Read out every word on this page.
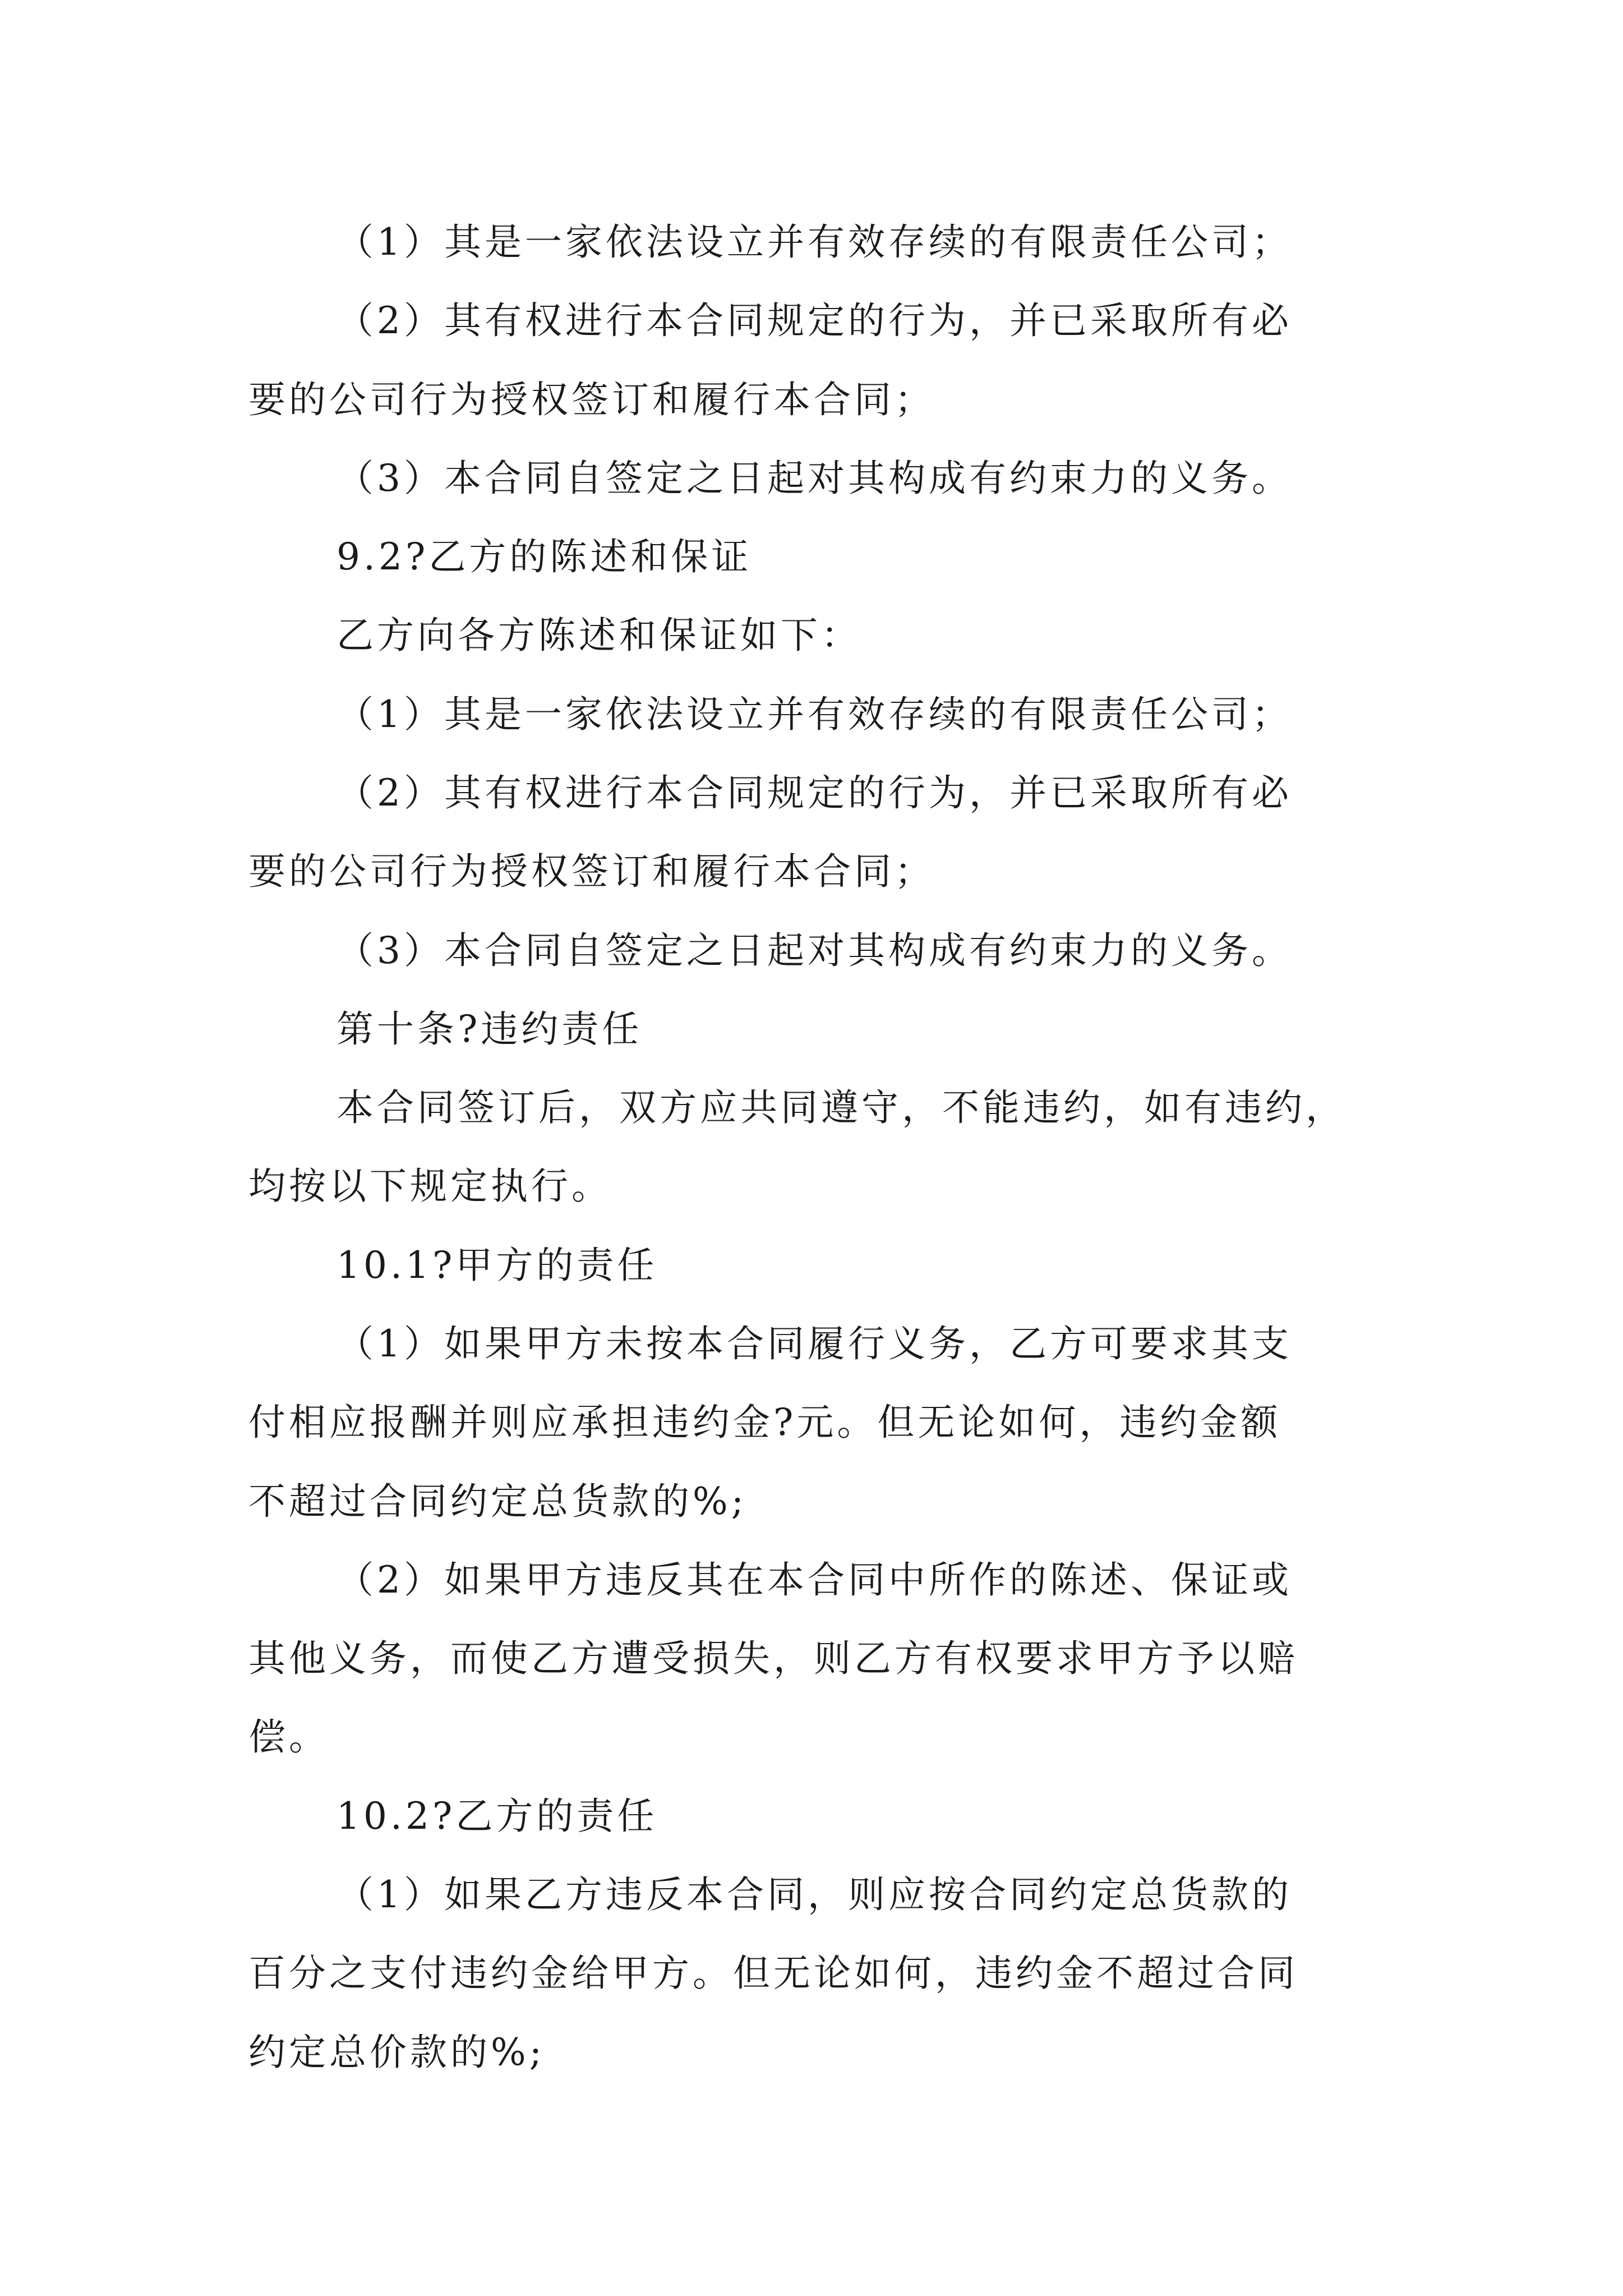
（1）其是一家依法设立并有效存续的有限责任公司；
（2）其有权进行本合同规定的行为，并已采取所有必
要的公司行为授权签订和履行本合同；
（3）本合同自签定之日起对其构成有约束力的义务。
9.2?乙方的陈述和保证
乙方向各方陈述和保证如下：
（1）其是一家依法设立并有效存续的有限责任公司；
（2）其有权进行本合同规定的行为，并已采取所有必
要的公司行为授权签订和履行本合同；
（3）本合同自签定之日起对其构成有约束力的义务。
第十条?违约责任
本合同签订后，双方应共同遵守，不能违约，如有违约，
均按以下规定执行。
10.1?甲方的责任
（1）如果甲方未按本合同履行义务，乙方可要求其支
付相应报酬并则应承担违约金?元。但无论如何，违约金额
不超过合同约定总货款的%;
（2）如果甲方违反其在本合同中所作的陈述、保证或
其他义务，而使乙方遭受损失，则乙方有权要求甲方予以赔
偿。
10.2?乙方的责任
（1）如果乙方违反本合同，则应按合同约定总货款的
百分之支付违约金给甲方。但无论如何，违约金不超过合同
约定总价款的%;
